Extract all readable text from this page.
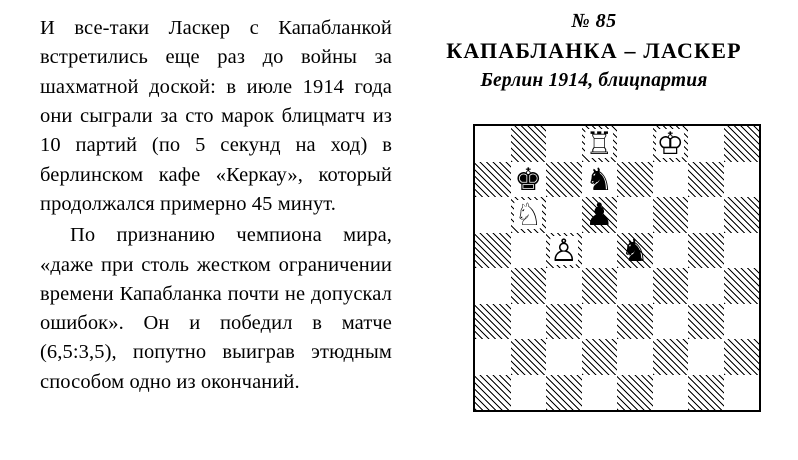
И все-таки Ласкер с Капабланкой встретились еще раз до войны за шахматной доской: в июле 1914 года они сыграли за сто марок блицматч из 10 партий (по 5 секунд на ход) в берлинском кафе «Керкау», который продолжался примерно 45 минут.

По признанию чемпиона мира, «даже при столь жестком ограничении времени Капабланка почти не допускал ошибок». Он и победил в матче (6,5:3,5), попутно выиграв этюдным способом одно из окончаний.

№ 85

КАПАБЛАНКА – ЛАСКЕР

Берлин 1914, блицпартия

♖ ♔
♚ ♞
♘ ♟
♙ ♞
